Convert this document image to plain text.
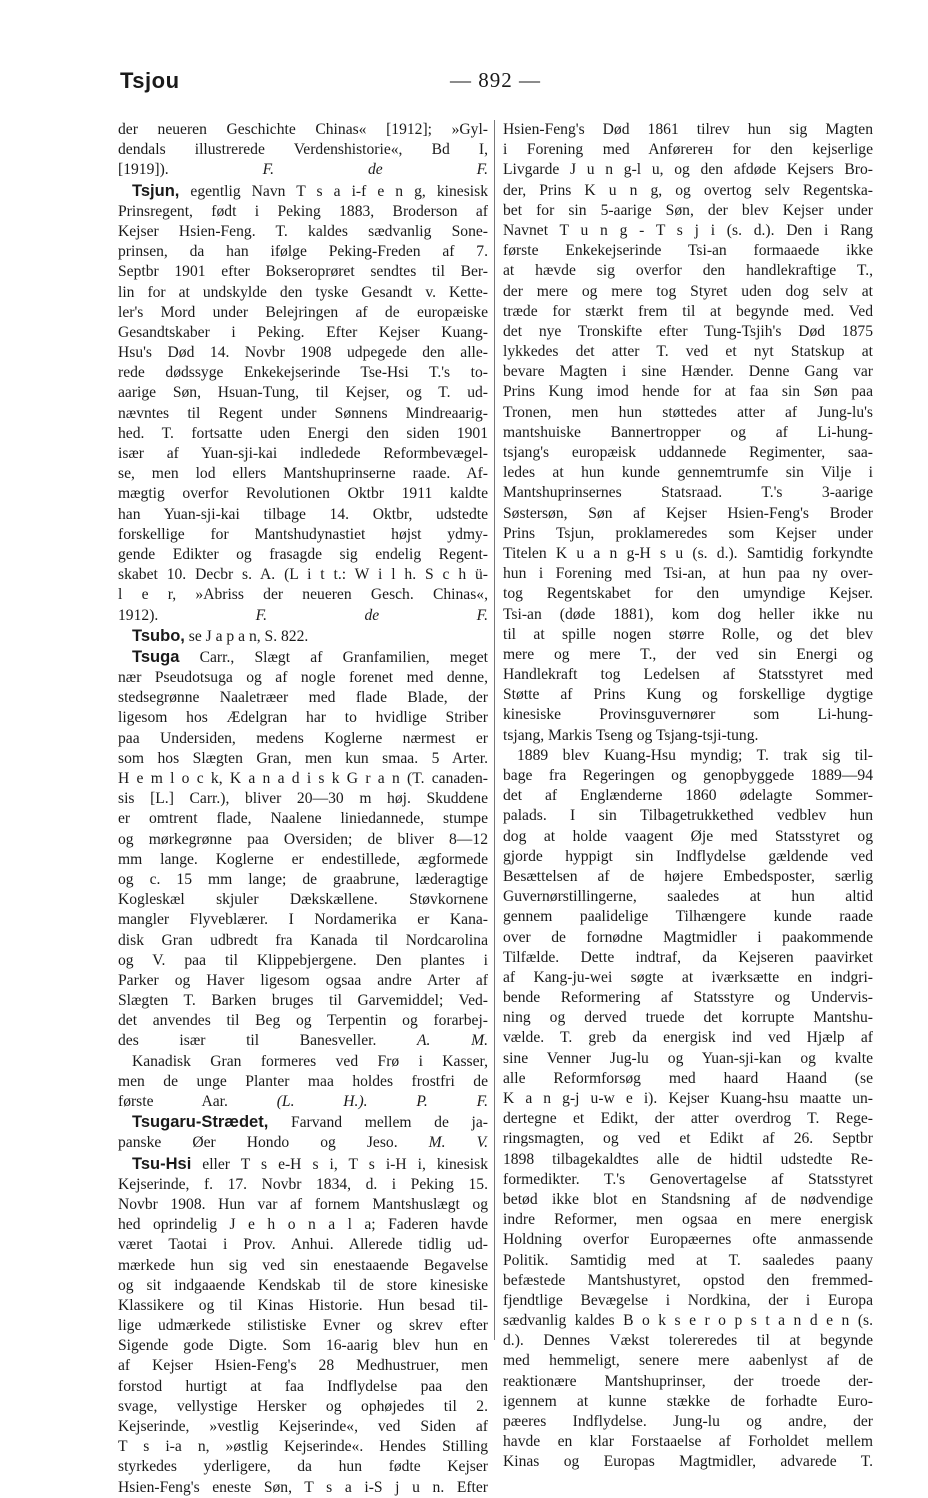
Tsjou	— 892 —
der neueren Geschichte Chinas« [1912]; »Gyl-
dendals illustrerede Verdenshistorie«, Bd I,
[1919]).	F. de F.
Tsjun, egentlig Navn T s a i-f e n g, kinesisk
Prinsregent, født i Peking 1883, Broderson af
Kejser Hsien-Feng. T. kaldes sædvanlig Sone-
prinsen, da han ifølge Peking-Freden af 7.
Septbr 1901 efter Bokseroprøret sendtes til Ber-
lin for at undskylde den tyske Gesandt v. Kette-
ler's Mord under Belejringen af de europæiske
Gesandtskaber i Peking. Efter Kejser Kuang-
Hsu's Død 14. Novbr 1908 udpegede den alle-
rede dødssyge Enkekejserinde Tse-Hsi T.'s to-
aarige Søn, Hsuan-Tung, til Kejser, og T. ud-
nævntes til Regent under Sønnens Mindreaarig-
hed. T. fortsatte uden Energi den siden 1901
især af Yuan-sji-kai indledede Reformbevægel-
se, men lod ellers Mantshuprinserne raade. Af-
mægtig overfor Revolutionen Oktbr 1911 kaldte
han Yuan-sji-kai tilbage 14. Oktbr, udstedte
forskellige for Mantshudynastiet højst ydmy-
gende Edikter og frasagde sig endelig Regent-
skabet 10. Decbr s. A. (L i t t.: W i l h. S c h ü-
l e r, »Abriss der neueren Gesch. Chinas«,
1912).	F. de F.
Tsubo, se J a p a n, S. 822.
Tsuga Carr., Slægt af Granfamilien, meget
nær Pseudotsuga og af nogle forenet med denne,
stedsegrønne Naaletræer med flade Blade, der
ligesom hos Ædelgran har to hvidlige Striber
paa Undersiden, medens Koglerne nærmest er
som hos Slægten Gran, men kun smaa. 5 Arter.
H e m l o c k, K a n a d i s k G r a n (T. canaden-
sis [L.] Carr.), bliver 20—30 m høj. Skuddene
er omtrent flade, Naalene liniedannede, stumpe
og mørkegrønne paa Oversiden; de bliver 8—12
mm lange. Koglerne er endestillede, ægformede
og c. 15 mm lange; de graabrune, læderagtige
Kogleskæl skjuler Dækskællene. Støvkornene
mangler Flyveblærer. I Nordamerika er Kana-
disk Gran udbredt fra Kanada til Nordcarolina
og V. paa til Klippebjergene. Den plantes i
Parker og Haver ligesom ogsaa andre Arter af
Slægten T. Barken bruges til Garvemiddel; Ved-
det anvendes til Beg og Terpentin og forarbej-
des især til Banesveller.	A. M.
Kanadisk Gran formeres ved Frø i Kasser,
men de unge Planter maa holdes frostfri de
første Aar.	(L. H.). P. F.
Tsugaru-Strædet, Farvand mellem de ja-
panske Øer Hondo og Jeso. M. V.
Tsu-Hsi eller T s e-H s i, T s i-H i, kinesisk
Kejserinde, f. 17. Novbr 1834, d. i Peking 15.
Novbr 1908. Hun var af fornem Mantshuslægt og
hed oprindelig J e h o n a l a; Faderen havde
været Taotai i Prov. Anhui. Allerede tidlig ud-
mærkede hun sig ved sin enestaaende Begavelse
og sit indgaaende Kendskab til de store kinesiske
Klassikere og til Kinas Historie. Hun besad til-
lige udmærkede stilistiske Evner og skrev efter
Sigende gode Digte. Som 16-aarig blev hun en
af Kejser Hsien-Feng's 28 Medhustruer, men
forstod hurtigt at faa Indflydelse paa den
svage, vellystige Hersker og ophøjedes til 2.
Kejserinde, »vestlig Kejserinde«, ved Siden af
T s i-a n, »østlig Kejserinde«. Hendes Stilling
styrkedes yderligere, da hun fødte Kejser
Hsien-Feng's eneste Søn, T s a i-S j u n. Efter
Hsien-Feng's Død 1861 tilrev hun sig Magten
i Forening med Anførerен for den kejserlige
Livgarde J u n g-l u, og den afdøde Kejsers Bro-
der, Prins K u n g, og overtog selv Regentska-
bet for sin 5-aarige Søn, der blev Kejser under
Navnet T u n g - T s j i (s. d.). Den i Rang
første Enkekejserinde Tsi-an formaaede ikke
at hævde sig overfor den handlekraftige T.,
der mere og mere tog Styret uden dog selv at
træde for stærkt frem til at begynde med. Ved
det nye Tronskifte efter Tung-Tsjih's Død 1875
lykkedes det atter T. ved et nyt Statskup at
bevare Magten i sine Hænder. Denne Gang var
Prins Kung imod hende for at faa sin Søn paa
Tronen, men hun støttedes atter af Jung-lu's
mantshuiske Bannertropper og af Li-hung-
tsjang's europæisk uddannede Regimenter, saa-
ledes at hun kunde gennemtrumfe sin Vilje i
Mantshuprinsernes Statsraad. T.'s 3-aarige
Søstersøn, Søn af Kejser Hsien-Feng's Broder
Prins Tsjun, proklameredes som Kejser under
Titelen K u a n g-H s u (s. d.). Samtidig forkyndte
hun i Forening med Tsi-an, at hun paa ny over-
tog Regentskabet for den umyndige Kejser.
Tsi-an (døde 1881), kom dog heller ikke nu
til at spille nogen større Rolle, og det blev
mere og mere T., der ved sin Energi og
Handlekraft tog Ledelsen af Statsstyret med
Støtte af Prins Kung og forskellige dygtige
kinesiske Provinsguvernører som Li-hung-
tsjang, Markis Tseng og Tsjang-tsji-tung.
1889 blev Kuang-Hsu myndig; T. trak sig til-
bage fra Regeringen og genopbyggede 1889—94
det af Englænderne 1860 ødelagte Sommer-
palads. I sin Tilbagetrukkethed vedblev hun
dog at holde vaagent Øje med Statsstyret og
gjorde hyppigt sin Indflydelse gældende ved
Besættelsen af de højere Embedsposter, særlig
Guvernørstillingerne, saaledes at hun altid
gennem paalidelige Tilhængere kunde raade
over de fornødne Magtmidler i paakommende
Tilfælde. Dette indtraf, da Kejseren paavirket
af Kang-ju-wei søgte at iværksætte en indgri-
bende Reformering af Statsstyre og Undervis-
ning og derved truede det korrupte Mantshu-
vælde. T. greb da energisk ind ved Hjælp af
sine Venner Jug-lu og Yuan-sji-kan og kvalte
alle Reformforsøg med haard Haand (se
K a n g-j u-w e i). Kejser Kuang-hsu maatte un-
dertegne et Edikt, der atter overdrog T. Rege-
ringsmagten, og ved et Edikt af 26. Septbr
1898 tilbagekaldtes alle de hidtil udstedte Re-
formedikter. T.'s Genovertagelse af Statsstyret
betød ikke blot en Standsning af de nødvendige
indre Reformer, men ogsaa en mere energisk
Holdning overfor Europæernes ofte anmassende
Politik. Samtidig med at T. saaledes paany
befæstede Mantshustyret, opstod den fremmed-
fjendtlige Bevægelse i Nordkina, der i Europa
sædvanlig kaldes B o k s e r o p s t a n d e n (s.
d.). Dennes Vækst tolereredes til at begynde
med hemmeligt, senere mere aabenlyst af de
reaktionære Mantshuprinser, der troede der-
igennem at kunne stække de forhadte Euro-
pæeres Indflydelse. Jung-lu og andre, der
havde en klar Forstaaelse af Forholdet mellem
Kinas og Europas Magtmidler, advarede T.
